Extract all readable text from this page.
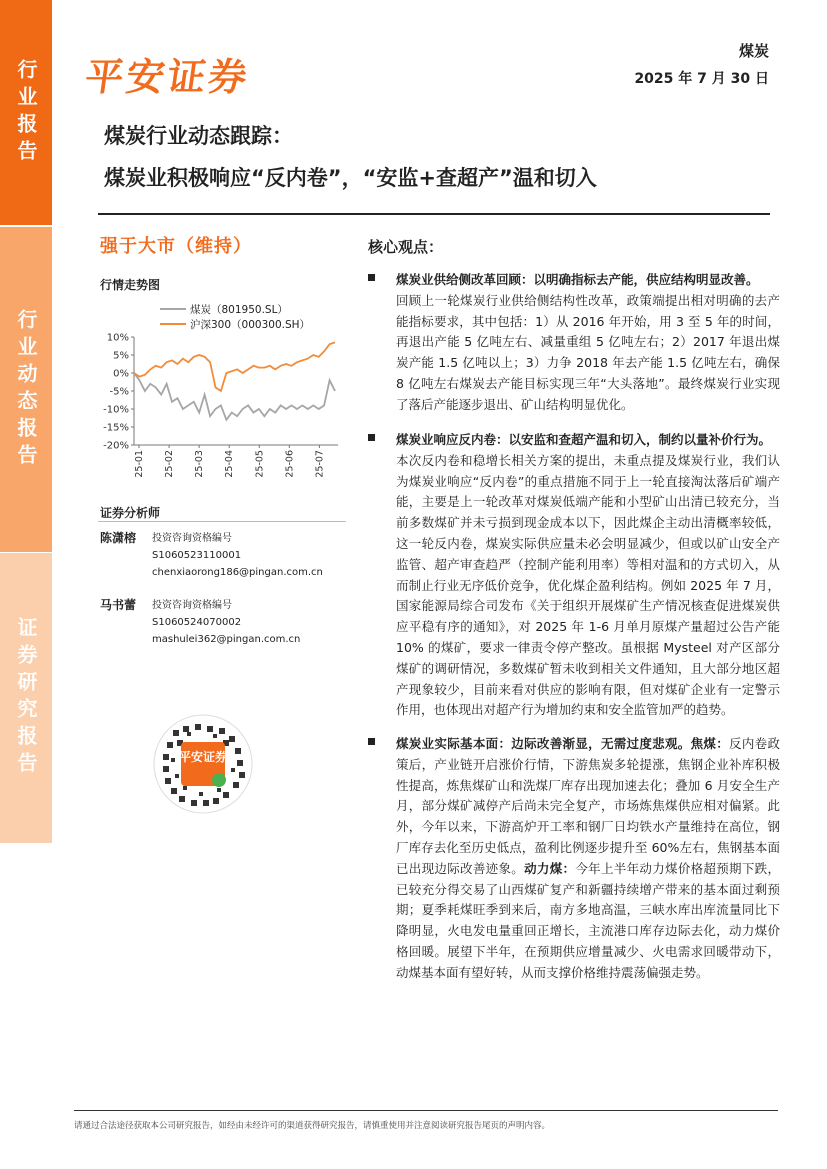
行业报告
行业动态报告
证券研究报告
平安证券
煤炭
2025 年 7 月 30 日
煤炭行业动态跟踪：
煤炭业积极响应“反内卷”，“安监+查超产”温和切入
强于大市（维持）
行情走势图
10%
5%
0%
-5%
-10%
-15%
-20%
25-01 25-02 25-03 25-04 25-05 25-06 25-07
煤炭（801950.SL）
沪深300（000300.SH）
证券分析师
陈潇榕 投资咨询资格编号
S1060523110001
chenxiaorong186@pingan.com.cn
马书蕾 投资咨询资格编号
S1060524070002
mashulei362@pingan.com.cn
平安证券
核心观点：
煤炭业供给侧改革回顾：以明确指标去产能，供应结构明显改善。
回顾上一轮煤炭行业供给侧结构性改革，政策端提出相对明确的去产能指标要求，其中包括：1）从 2016 年开始，用 3 至 5 年的时间，再退出产能 5 亿吨左右、减量重组 5 亿吨左右；2）2017 年退出煤炭产能 1.5 亿吨以上；3）力争 2018 年去产能 1.5 亿吨左右，确保 8 亿吨左右煤炭去产能目标实现三年“大头落地”。最终煤炭行业实现了落后产能逐步退出、矿山结构明显优化。
煤炭业响应反内卷：以安监和查超产温和切入，制约以量补价行为。
本次反内卷和稳增长相关方案的提出，未重点提及煤炭行业，我们认为煤炭业响应“反内卷”的重点措施不同于上一轮直接淘汰落后矿端产能，主要是上一轮改革对煤炭低端产能和小型矿山出清已较充分，当前多数煤矿并未亏损到现金成本以下，因此煤企主动出清概率较低，这一轮反内卷，煤炭实际供应量未必会明显减少，但或以矿山安全产监管、超产审查趋严（控制产能利用率）等相对温和的方式切入，从而制止行业无序低价竞争，优化煤企盈利结构。例如 2025 年 7 月，国家能源局综合司发布《关于组织开展煤矿生产情况核查促进煤炭供应平稳有序的通知》，对 2025 年 1-6 月单月原煤产量超过公告产能 10% 的煤矿，要求一律责令停产整改。虽根据 Mysteel 对产区部分煤矿的调研情况，多数煤矿暂未收到相关文件通知，且大部分地区超产现象较少，目前来看对供应的影响有限，但对煤矿企业有一定警示作用，也体现出对超产行为增加约束和安全监管加严的趋势。
煤炭业实际基本面：边际改善渐显，无需过度悲观。焦煤：反内卷政策后，产业链开启涨价行情，下游焦炭多轮提涨，焦钢企业补库积极性提高，炼焦煤矿山和洗煤厂库存出现加速去化；叠加 6 月安全生产月，部分煤矿减停产后尚未完全复产，市场炼焦煤供应相对偏紧。此外，今年以来，下游高炉开工率和钢厂日均铁水产量维持在高位，钢厂库存去化至历史低点，盈利比例逐步提升至 60%左右，焦钢基本面已出现边际改善迹象。动力煤：今年上半年动力煤价格超预期下跌，已较充分得交易了山西煤矿复产和新疆持续增产带来的基本面过剩预期；夏季耗煤旺季到来后，南方多地高温，三峡水库出库流量同比下降明显，火电发电量重回正增长，主流港口库存边际去化，动力煤价格回暖。展望下半年，在预期供应增量减少、火电需求回暖带动下，动煤基本面有望好转，从而支撑价格维持震荡偏强走势。
请通过合法途径获取本公司研究报告，如经由未经许可的渠道获得研究报告，请慎重使用并注意阅读研究报告尾页的声明内容。
